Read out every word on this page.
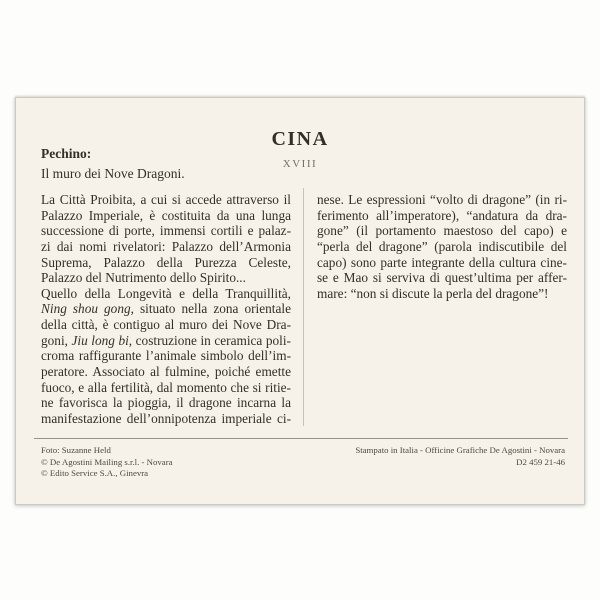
CINA
XVIII
Pechino:
Il muro dei Nove Dragoni.
La Città Proibita, a cui si accede attraverso il
Palazzo Imperiale, è costituita da una lunga
successione di porte, immensi cortili e palaz-
zi dai nomi rivelatori: Palazzo dell’Armonia
Suprema, Palazzo della Purezza Celeste,
Palazzo del Nutrimento dello Spirito...
Quello della Longevità e della Tranquillità,
Ning shou gong, situato nella zona orientale
della città, è contiguo al muro dei Nove Dra-
goni, Jiu long bi, costruzione in ceramica poli-
croma raffigurante l’animale simbolo dell’im-
peratore. Associato al fulmine, poiché emette
fuoco, e alla fertilità, dal momento che si ritie-
ne favorisca la pioggia, il dragone incarna la
manifestazione dell’onnipotenza imperiale ci-
nese. Le espressioni “volto di dragone” (in ri-
ferimento all’imperatore), “andatura da dra-
gone” (il portamento maestoso del capo) e
“perla del dragone” (parola indiscutibile del
capo) sono parte integrante della cultura cine-
se e Mao si serviva di quest’ultima per affer-
mare: “non si discute la perla del dragone”!
Foto: Suzanne Held
© De Agostini Mailing s.r.l. - Novara
© Edito Service S.A., Ginevra
Stampato in Italia - Officine Grafiche De Agostini - Novara
D2 459 21-46
